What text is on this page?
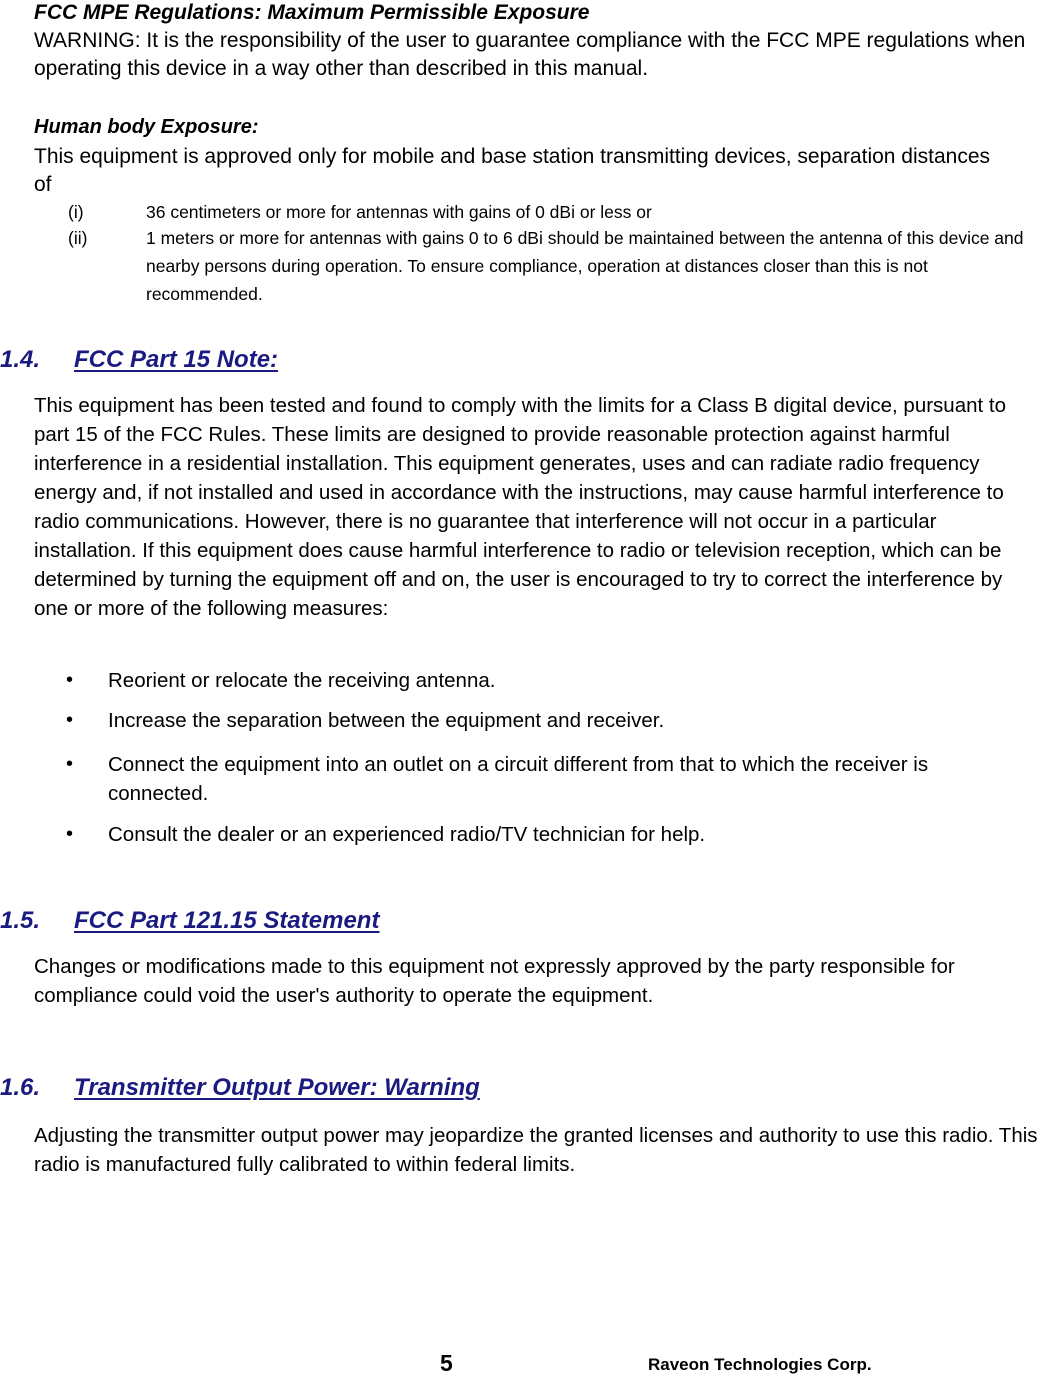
FCC MPE Regulations: Maximum Permissible Exposure
WARNING: It is the responsibility of the user to guarantee compliance with the FCC MPE regulations when operating this device in a way other than described in this manual.
Human body Exposure:
This equipment is approved only for mobile and base station transmitting devices, separation distances of
(i)	36 centimeters or more for antennas with gains of 0 dBi or less or
(ii)	1 meters or more for antennas with gains 0 to 6 dBi should be maintained between the antenna of this device and nearby persons during operation. To ensure compliance, operation at distances closer than this is not recommended.
1.4. FCC Part 15 Note:
This equipment has been tested and found to comply with the limits for a Class B digital device, pursuant to part 15 of the FCC Rules. These limits are designed to provide reasonable protection against harmful interference in a residential installation. This equipment generates, uses and can radiate radio frequency energy and, if not installed and used in accordance with the instructions, may cause harmful interference to radio communications. However, there is no guarantee that interference will not occur in a particular installation. If this equipment does cause harmful interference to radio or television reception, which can be determined by turning the equipment off and on, the user is encouraged to try to correct the interference by one or more of the following measures:
• Reorient or relocate the receiving antenna.
• Increase the separation between the equipment and receiver.
• Connect the equipment into an outlet on a circuit different from that to which the receiver is connected.
• Consult the dealer or an experienced radio/TV technician for help.
1.5. FCC Part 121.15 Statement
Changes or modifications made to this equipment not expressly approved by the party responsible for compliance could void the user's authority to operate the equipment.
1.6. Transmitter Output Power: Warning
Adjusting the transmitter output power may jeopardize the granted licenses and authority to use this radio. This radio is manufactured fully calibrated to within federal limits.
5	Raveon Technologies Corp.
